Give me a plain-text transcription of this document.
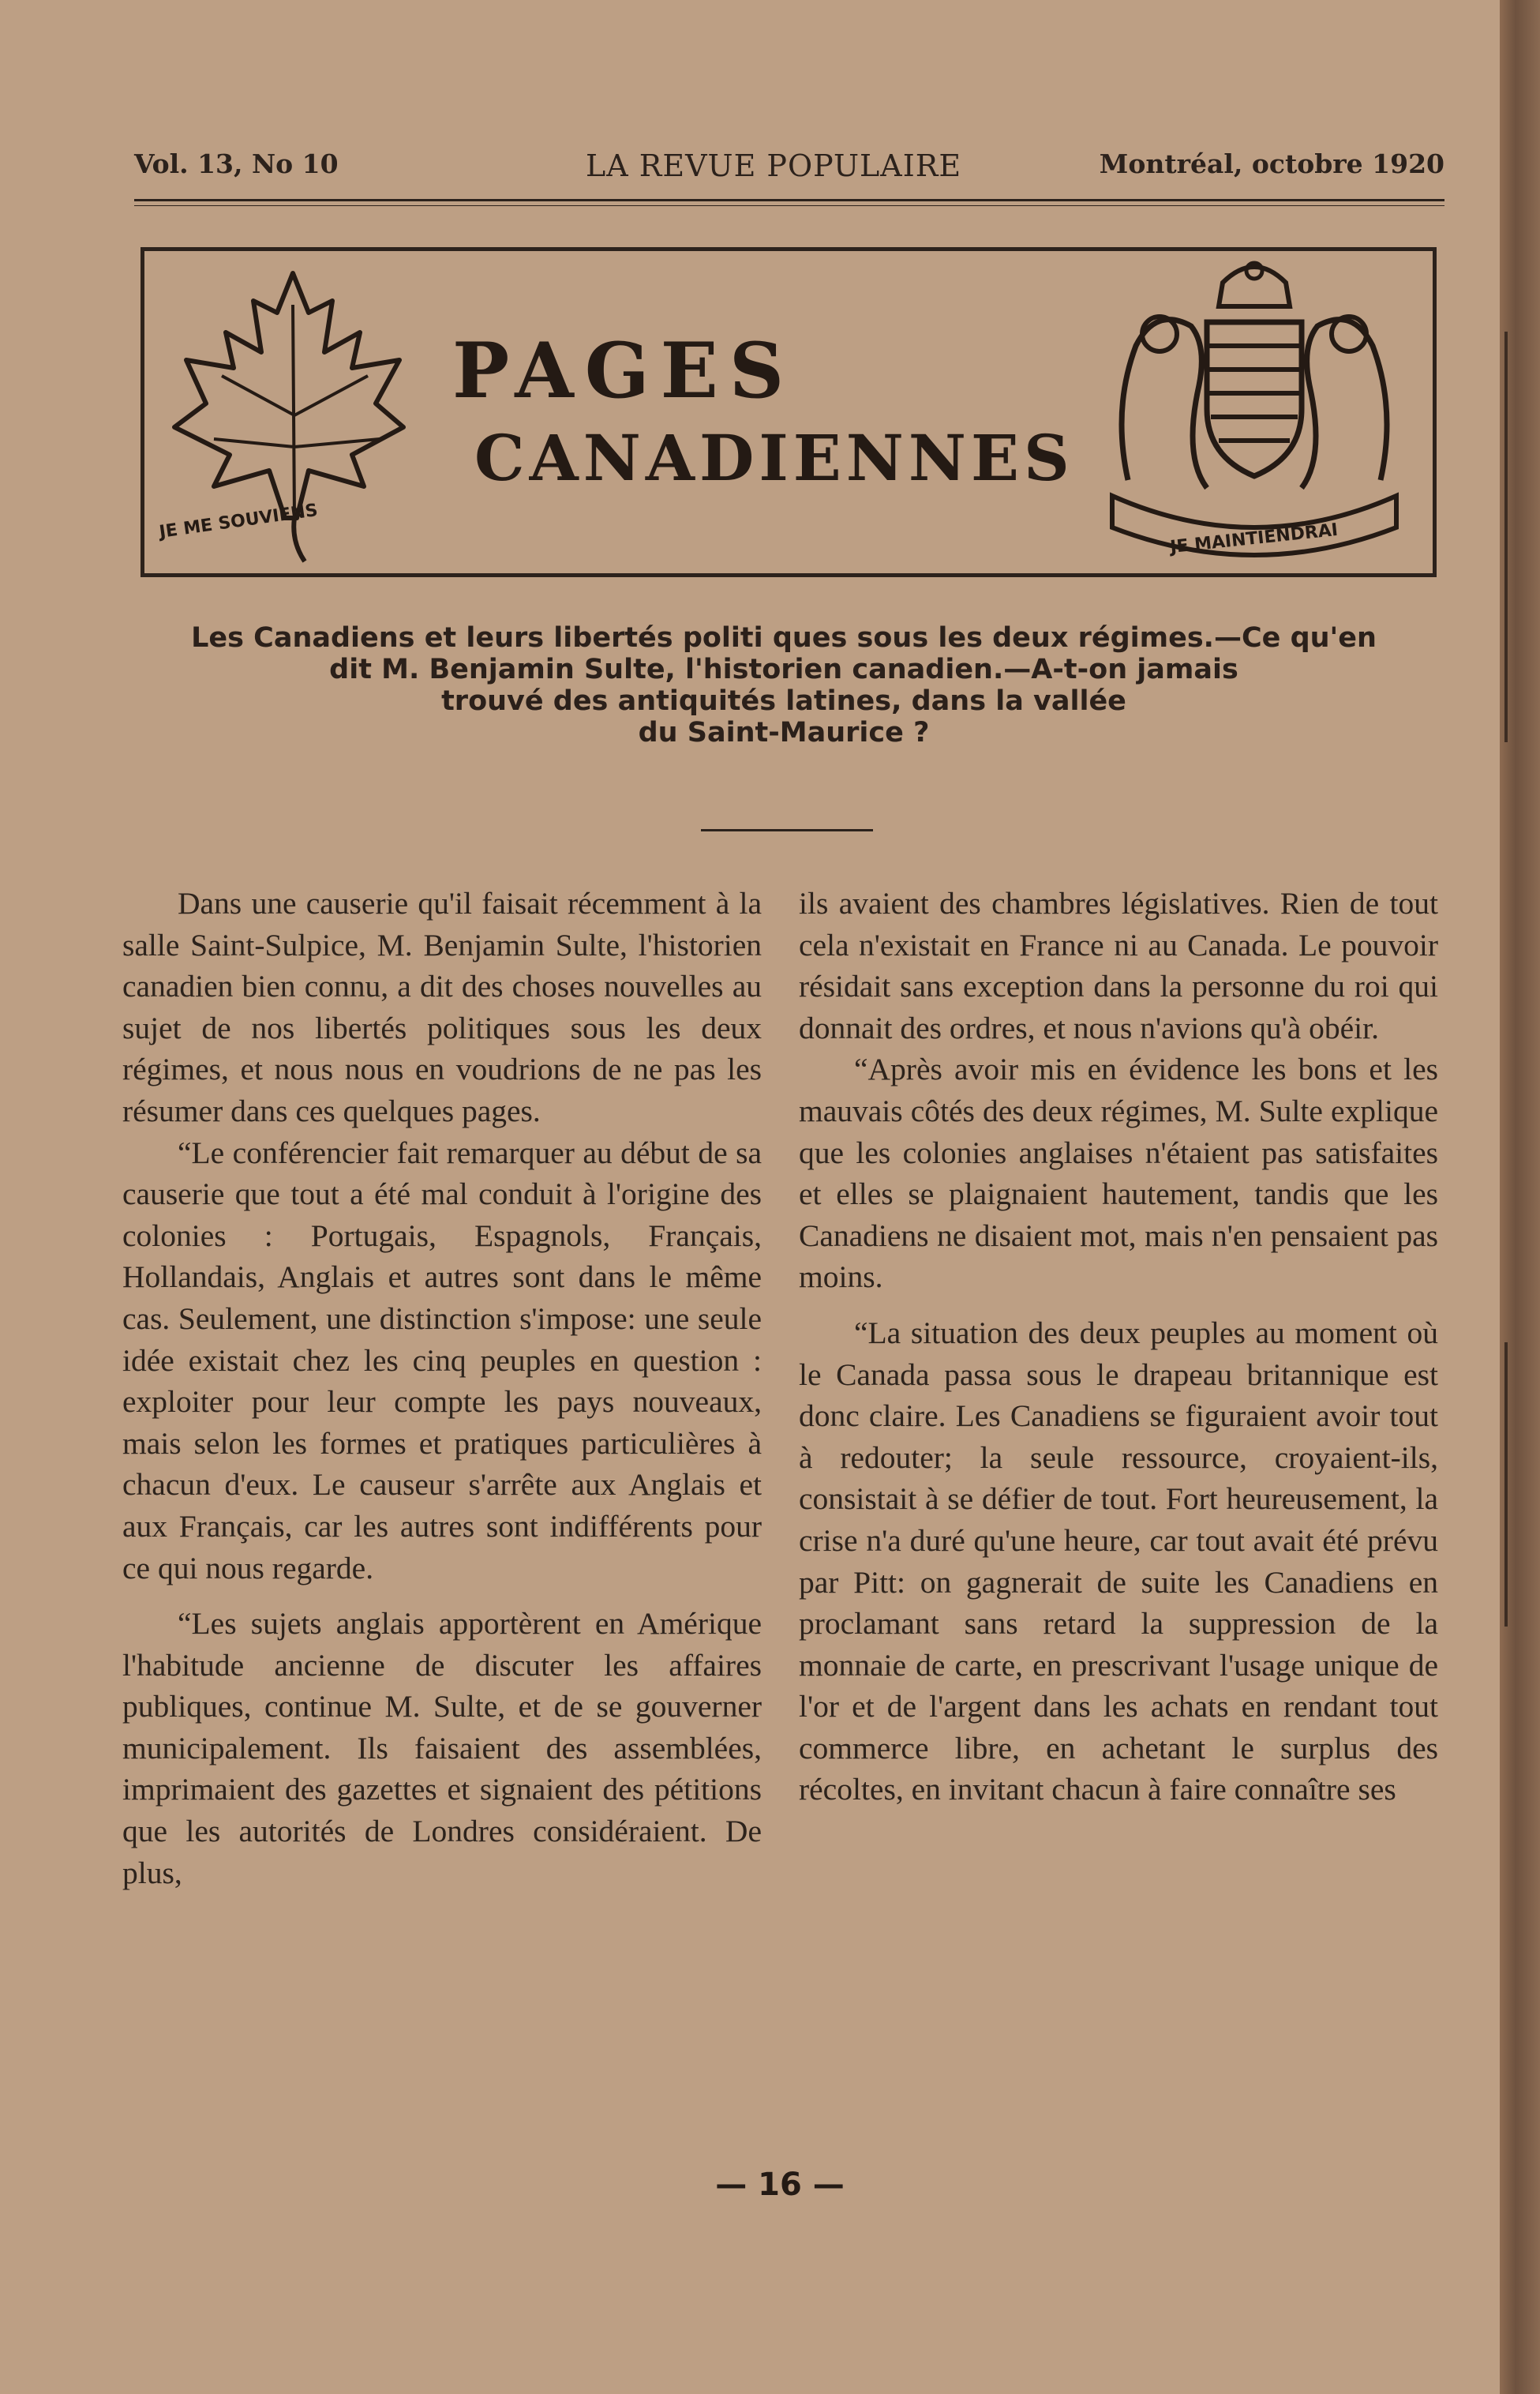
Vol. 13, No 10	LA REVUE POPULAIRE	Montréal, octobre 1920
JE ME SOUVIENS
PAGES
CANADIENNES
JE MAINTIENDRAI
Les Canadiens et leurs libertés politi ques sous les deux régimes.—Ce qu'en
dit M. Benjamin Sulte, l'historien canadien.—A-t-on jamais
trouvé des antiquités latines, dans la vallée
du Saint-Maurice ?

Dans une causerie qu'il faisait récemment à la salle Saint-Sulpice, M. Benjamin Sulte, l'historien canadien bien connu, a dit des choses nouvelles au sujet de nos libertés politiques sous les deux régimes, et nous nous en voudrions de ne pas les résumer dans ces quelques pages.

“Le conférencier fait remarquer au début de sa causerie que tout a été mal conduit à l'origine des colonies : Portugais, Espagnols, Français, Hollandais, Anglais et autres sont dans le même cas. Seulement, une distinction s'impose: une seule idée existait chez les cinq peuples en question : exploiter pour leur compte les pays nouveaux, mais selon les formes et pratiques particulières à chacun d'eux. Le causeur s'arrête aux Anglais et aux Français, car les autres sont indifférents pour ce qui nous regarde.

“Les sujets anglais apportèrent en Amérique l'habitude ancienne de discuter les affaires publiques, continue M. Sulte, et de se gouverner municipalement. Ils faisaient des assemblées, imprimaient des gazettes et signaient des pétitions que les autorités de Londres considéraient. De plus,

ils avaient des chambres législatives. Rien de tout cela n'existait en France ni au Canada. Le pouvoir résidait sans exception dans la personne du roi qui donnait des ordres, et nous n'avions qu'à obéir.

“Après avoir mis en évidence les bons et les mauvais côtés des deux régimes, M. Sulte explique que les colonies anglaises n'étaient pas satisfaites et elles se plaignaient hautement, tandis que les Canadiens ne disaient mot, mais n'en pensaient pas moins.

“La situation des deux peuples au moment où le Canada passa sous le drapeau britannique est donc claire. Les Canadiens se figuraient avoir tout à redouter; la seule ressource, croyaient-ils, consistait à se défier de tout. Fort heureusement, la crise n'a duré qu'une heure, car tout avait été prévu par Pitt: on gagnerait de suite les Canadiens en proclamant sans retard la suppression de la monnaie de carte, en prescrivant l'usage unique de l'or et de l'argent dans les achats en rendant tout commerce libre, en achetant le surplus des récoltes, en invitant chacun à faire connaître ses

— 16 —
